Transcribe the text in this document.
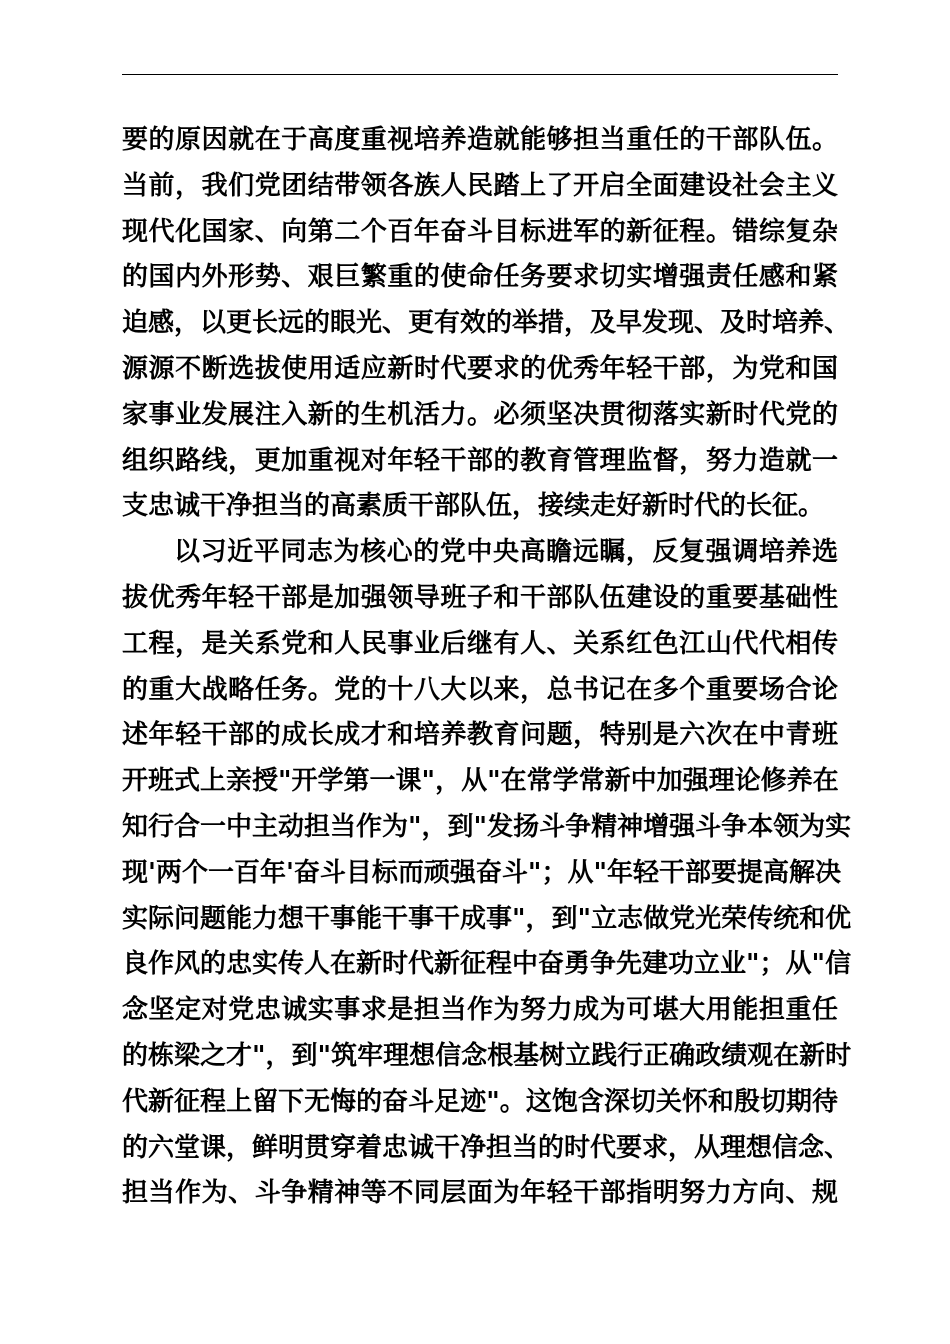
要的原因就在于高度重视培养造就能够担当重任的干部队伍。
当前，我们党团结带领各族人民踏上了开启全面建设社会主义
现代化国家、向第二个百年奋斗目标进军的新征程。错综复杂
的国内外形势、艰巨繁重的使命任务要求切实增强责任感和紧
迫感，以更长远的眼光、更有效的举措，及早发现、及时培养、
源源不断选拔使用适应新时代要求的优秀年轻干部，为党和国
家事业发展注入新的生机活力。必须坚决贯彻落实新时代党的
组织路线，更加重视对年轻干部的教育管理监督，努力造就一
支忠诚干净担当的高素质干部队伍，接续走好新时代的长征。
以习近平同志为核心的党中央高瞻远瞩，反复强调培养选
拔优秀年轻干部是加强领导班子和干部队伍建设的重要基础性
工程，是关系党和人民事业后继有人、关系红色江山代代相传
的重大战略任务。党的十八大以来，总书记在多个重要场合论
述年轻干部的成长成才和培养教育问题，特别是六次在中青班
开班式上亲授"开学第一课"，从"在常学常新中加强理论修养在
知行合一中主动担当作为"，到"发扬斗争精神增强斗争本领为实
现'两个一百年'奋斗目标而顽强奋斗"；从"年轻干部要提高解决
实际问题能力想干事能干事干成事"，到"立志做党光荣传统和优
良作风的忠实传人在新时代新征程中奋勇争先建功立业"；从"信
念坚定对党忠诚实事求是担当作为努力成为可堪大用能担重任
的栋梁之才"，到"筑牢理想信念根基树立践行正确政绩观在新时
代新征程上留下无悔的奋斗足迹"。这饱含深切关怀和殷切期待
的六堂课，鲜明贯穿着忠诚干净担当的时代要求，从理想信念、
担当作为、斗争精神等不同层面为年轻干部指明努力方向、规
